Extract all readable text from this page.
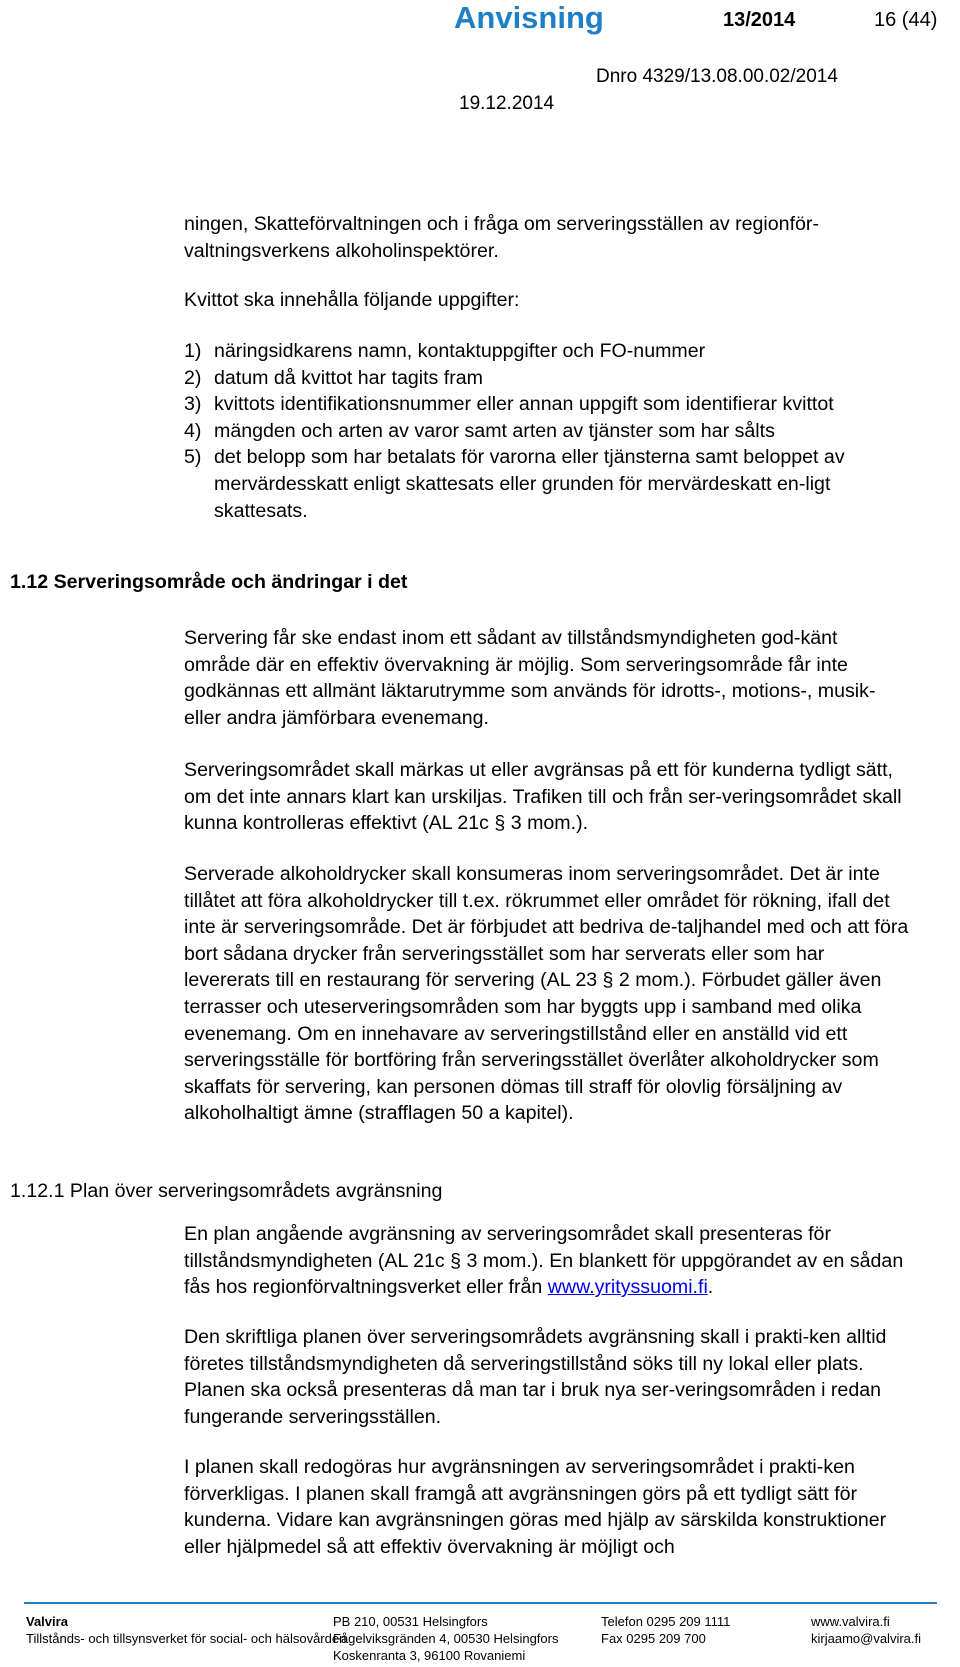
Anvisning	13/2014	16 (44)
Dnro 4329/13.08.00.02/2014
19.12.2014

ningen, Skatteförvaltningen och i fråga om serveringsställen av regionför-valtningsverkens alkoholinspektörer.

Kvittot ska innehålla följande uppgifter:

1) näringsidkarens namn, kontaktuppgifter och FO-nummer
2) datum då kvittot har tagits fram
3) kvittots identifikationsnummer eller annan uppgift som identifierar kvittot
4) mängden och arten av varor samt arten av tjänster som har sålts
5) det belopp som har betalats för varorna eller tjänsterna samt beloppet av mervärdesskatt enligt skattesats eller grunden för mervärdeskatt en-ligt skattesats.
1.12 Serveringsområde och ändringar i det

Servering får ske endast inom ett sådant av tillståndsmyndigheten god-känt område där en effektiv övervakning är möjlig. Som serveringsområde får inte godkännas ett allmänt läktarutrymme som används för idrotts-, motions-, musik- eller andra jämförbara evenemang.

Serveringsområdet skall märkas ut eller avgränsas på ett för kunderna tydligt sätt, om det inte annars klart kan urskiljas. Trafiken till och från ser-veringsområdet skall kunna kontrolleras effektivt (AL 21c § 3 mom.).

Serverade alkoholdrycker skall konsumeras inom serveringsområdet. Det är inte tillåtet att föra alkoholdrycker till t.ex. rökrummet eller området för rökning, ifall det inte är serveringsområde. Det är förbjudet att bedriva de-taljhandel med och att föra bort sådana drycker från serveringsstället som har serverats eller som har levererats till en restaurang för servering (AL 23 § 2 mom.). Förbudet gäller även terrasser och uteserveringsområden som har byggts upp i samband med olika evenemang. Om en innehavare av serveringstillstånd eller en anställd vid ett serveringsställe för bortföring från serveringsstället överlåter alkoholdrycker som skaffats för servering, kan personen dömas till straff för olovlig försäljning av alkoholhaltigt ämne (strafflagen 50 a kapitel).

1.12.1 Plan över serveringsområdets avgränsning

En plan angående avgränsning av serveringsområdet skall presenteras för tillståndsmyndigheten (AL 21c § 3 mom.). En blankett för uppgörandet av en sådan fås hos regionförvaltningsverket eller från www.yrityssuomi.fi.

Den skriftliga planen över serveringsområdets avgränsning skall i prakti-ken alltid företes tillståndsmyndigheten då serveringstillstånd söks till ny lokal eller plats. Planen ska också presenteras då man tar i bruk nya ser-veringsområden i redan fungerande serveringsställen.

I planen skall redogöras hur avgränsningen av serveringsområdet i prakti-ken förverkligas. I planen skall framgå att avgränsningen görs på ett tydligt sätt för kunderna. Vidare kan avgränsningen göras med hjälp av särskilda konstruktioner eller hjälpmedel så att effektiv övervakning är möjligt och

Valvira
Tillstånds- och tillsynsverket för social- och hälsovården
PB 210, 00531 Helsingfors
Fågelviksgränden 4, 00530 Helsingfors
Koskenranta 3, 96100 Rovaniemi
Telefon 0295 209 1111
Fax 0295 209 700
www.valvira.fi
kirjaamo@valvira.fi
